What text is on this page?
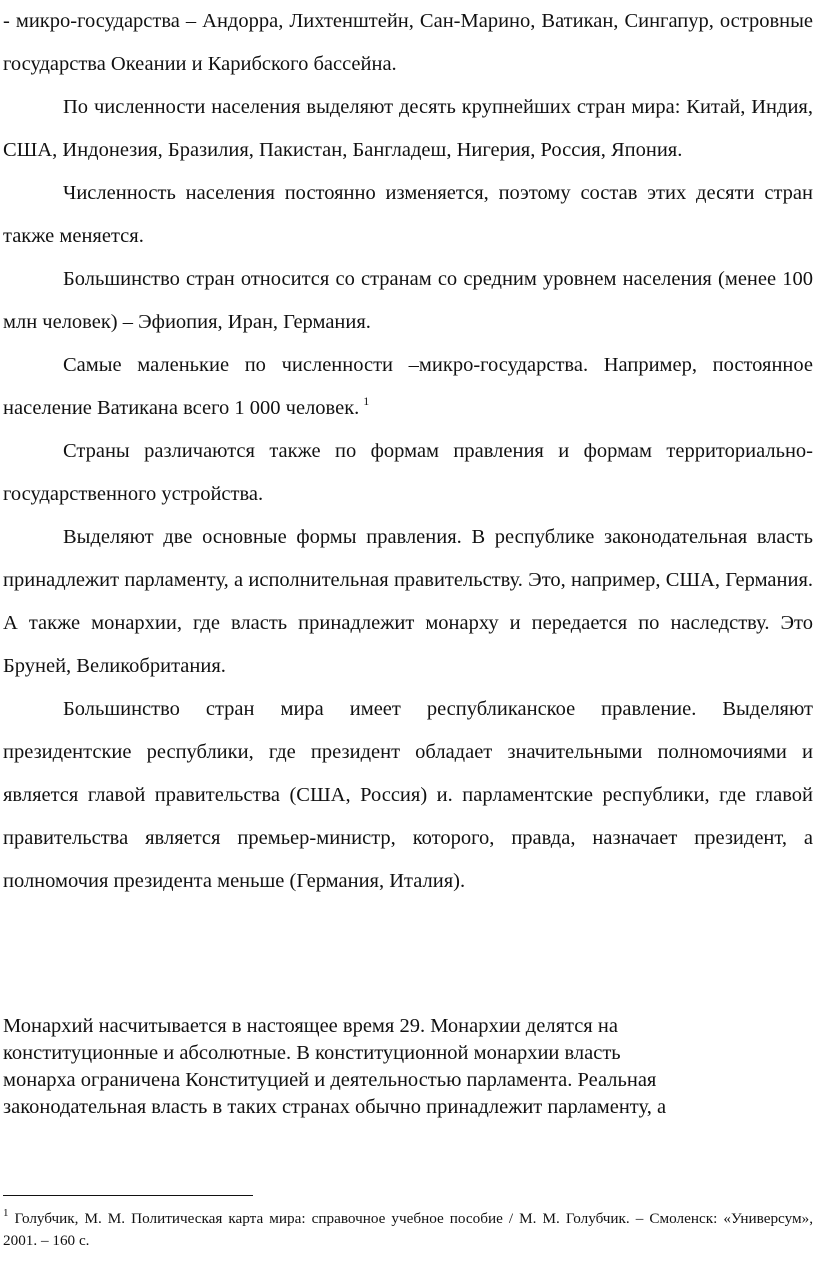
- микро-государства – Андорра, Лихтенштейн, Сан-Марино, Ватикан, Сингапур, островные государства Океании и Карибского бассейна.

По численности населения выделяют десять крупнейших стран мира: Китай, Индия, США, Индонезия, Бразилия, Пакистан, Бангладеш, Нигерия, Россия, Япония.

Численность населения постоянно изменяется, поэтому состав этих десяти стран также меняется.

Большинство стран относится со странам со средним уровнем населения (менее 100 млн человек) – Эфиопия, Иран, Германия.

Самые маленькие по численности –микро-государства. Например, постоянное население Ватикана всего 1 000 человек. $^1$

Страны различаются также по формам правления и формам территориально-государственного устройства.

Выделяют две основные формы правления. В республике законодательная власть принадлежит парламенту, а исполнительная правительству. Это, например, США, Германия. А также монархии, где власть принадлежит монарху и передается по наследству. Это Бруней, Великобритания.

Большинство стран мира имеет республиканское правление. Выделяют президентские республики, где президент обладает значительными полномочиями и является главой правительства (США, Россия) и. парламентские республики, где главой правительства является премьер-министр, которого, правда, назначает президент, а полномочия президента меньше (Германия, Италия).

Монархий насчитывается в настоящее время 29. Монархии делятся на

конституционные и абсолютные. В конституционной монархии власть

монарха ограничена Конституцией и деятельностью парламента. Реальная

законодательная власть в таких странах обычно принадлежит парламенту, а

$^1$ Голубчик, М. М. Политическая карта мира: справочное учебное пособие / М. М. Голубчик. – Смоленск: «Универсум», 2001. – 160 с.
